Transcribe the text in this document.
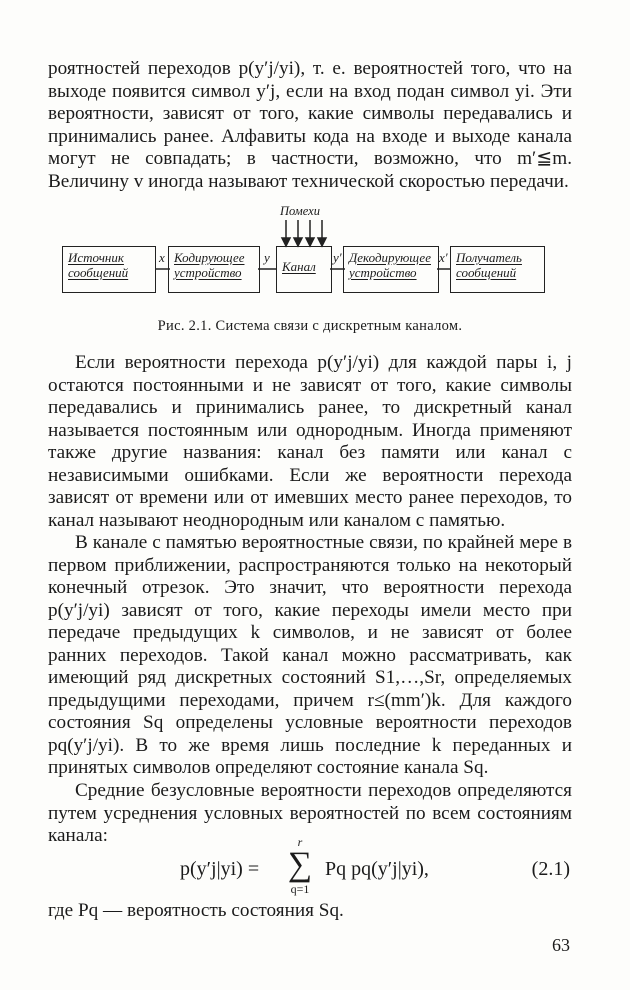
роятностей переходов p(y′j/yi), т. е. вероятностей того, что на выходе появится символ y′j, если на вход подан символ yi. Эти вероятности, зависят от того, какие символы передавались и принимались ранее. Алфавиты кода на входе и выходе канала могут не совпадать; в частности, возможно, что m′≦m. Величину v иногда называют технической скоростью передачи.

Помехи
Источник
сообщений
Кодирующее
устройство	Канал
Декодирующее
устройство
Получатель
сообщений
x	y	y′	x′
Рис. 2.1. Система связи с дискретным каналом.

Если вероятности перехода p(y′j/yi) для каждой пары i, j остаются постоянными и не зависят от того, какие символы передавались и принимались ранее, то дискретный канал называется постоянным или однородным. Иногда применяют также другие названия: канал без памяти или канал с независимыми ошибками. Если же вероятности перехода зависят от времени или от имевших место ранее переходов, то канал называют неоднородным или каналом с памятью.

В канале с памятью вероятностные связи, по крайней мере в первом приближении, распространяются только на некоторый конечный отрезок. Это значит, что вероятности перехода p(y′j/yi) зависят от того, какие переходы имели место при передаче предыдущих k символов, и не зависят от более ранних переходов. Такой канал можно рассматривать, как имеющий ряд дискретных состояний S1,…,Sr, определяемых предыдущими переходами, причем r≤(mm′)k. Для каждого состояния Sq определены условные вероятности переходов pq(y′j/yi). В то же время лишь последние k переданных и принятых символов определяют состояние канала Sq.

Средние безусловные вероятности переходов определяются путем усреднения условных вероятностей по всем состояниям канала:

p(y′j|yi) =
r
∑
q=1
Pq pq(y′j|yi),	(2.1)
где Pq — вероятность состояния Sq.
63
